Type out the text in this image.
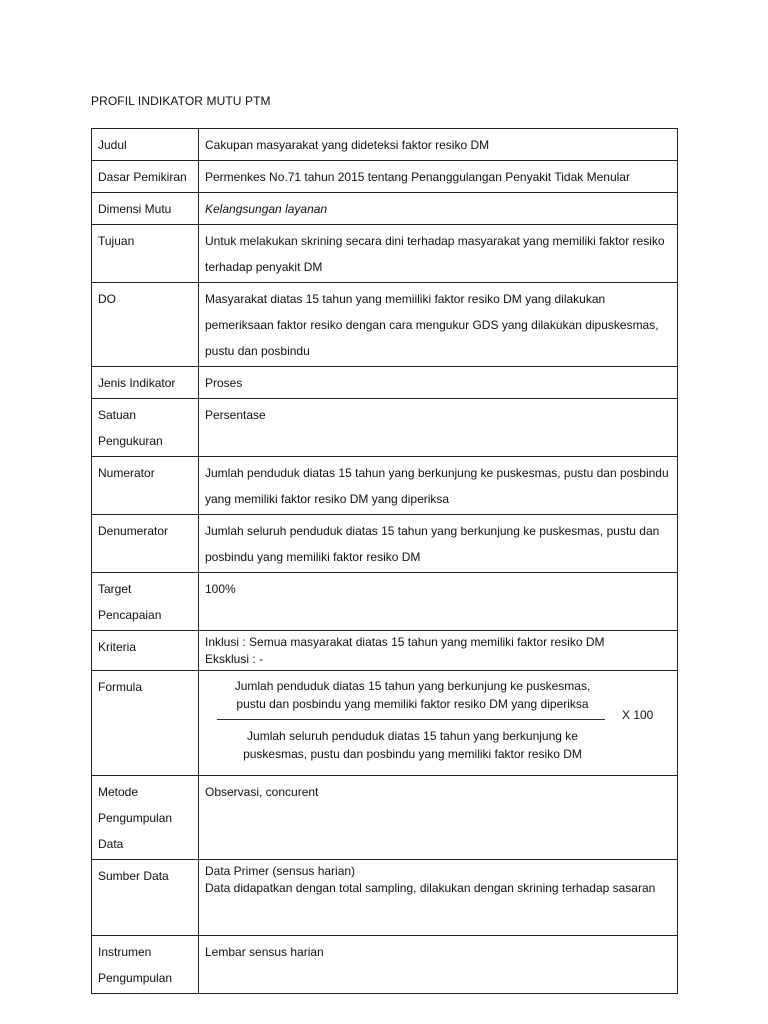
PROFIL INDIKATOR MUTU PTM
Judul	Cakupan masyarakat yang dideteksi faktor resiko DM
Dasar Pemikiran	Permenkes No.71 tahun 2015 tentang Penanggulangan Penyakit Tidak Menular
Dimensi Mutu	Kelangsungan layanan
Tujuan	Untuk melakukan skrining secara dini terhadap masyarakat yang memiliki faktor resiko terhadap penyakit DM
DO	Masyarakat diatas 15 tahun yang memiiliki faktor resiko DM yang dilakukan pemeriksaan faktor resiko dengan cara mengukur GDS yang dilakukan dipuskesmas, pustu dan posbindu
Jenis Indikator	Proses
Satuan Pengukuran	Persentase
Numerator	Jumlah penduduk diatas 15 tahun yang berkunjung ke puskesmas, pustu dan posbindu yang memiliki faktor resiko DM yang diperiksa
Denumerator	Jumlah seluruh penduduk diatas 15 tahun yang berkunjung ke puskesmas, pustu dan posbindu yang memiliki faktor resiko DM
Target Pencapaian	100%
Kriteria	Inklusi : Semua masyarakat diatas 15 tahun yang memiliki faktor resiko DM
Eksklusi : -

Formula	Jumlah penduduk diatas 15 tahun yang berkunjung ke puskesmas,
pustu dan posbindu yang memiliki faktor resiko DM yang diperiksa
Jumlah seluruh penduduk diatas 15 tahun yang berkunjung ke
puskesmas, pustu dan posbindu yang memiliki faktor resiko DM
X 100

Metode Pengumpulan Data	Observasi, concurent
Sumber Data	Data Primer (sensus harian)
Data didapatkan dengan total sampling, dilakukan dengan skrining terhadap sasaran

Instrumen Pengumpulan	Lembar sensus harian
